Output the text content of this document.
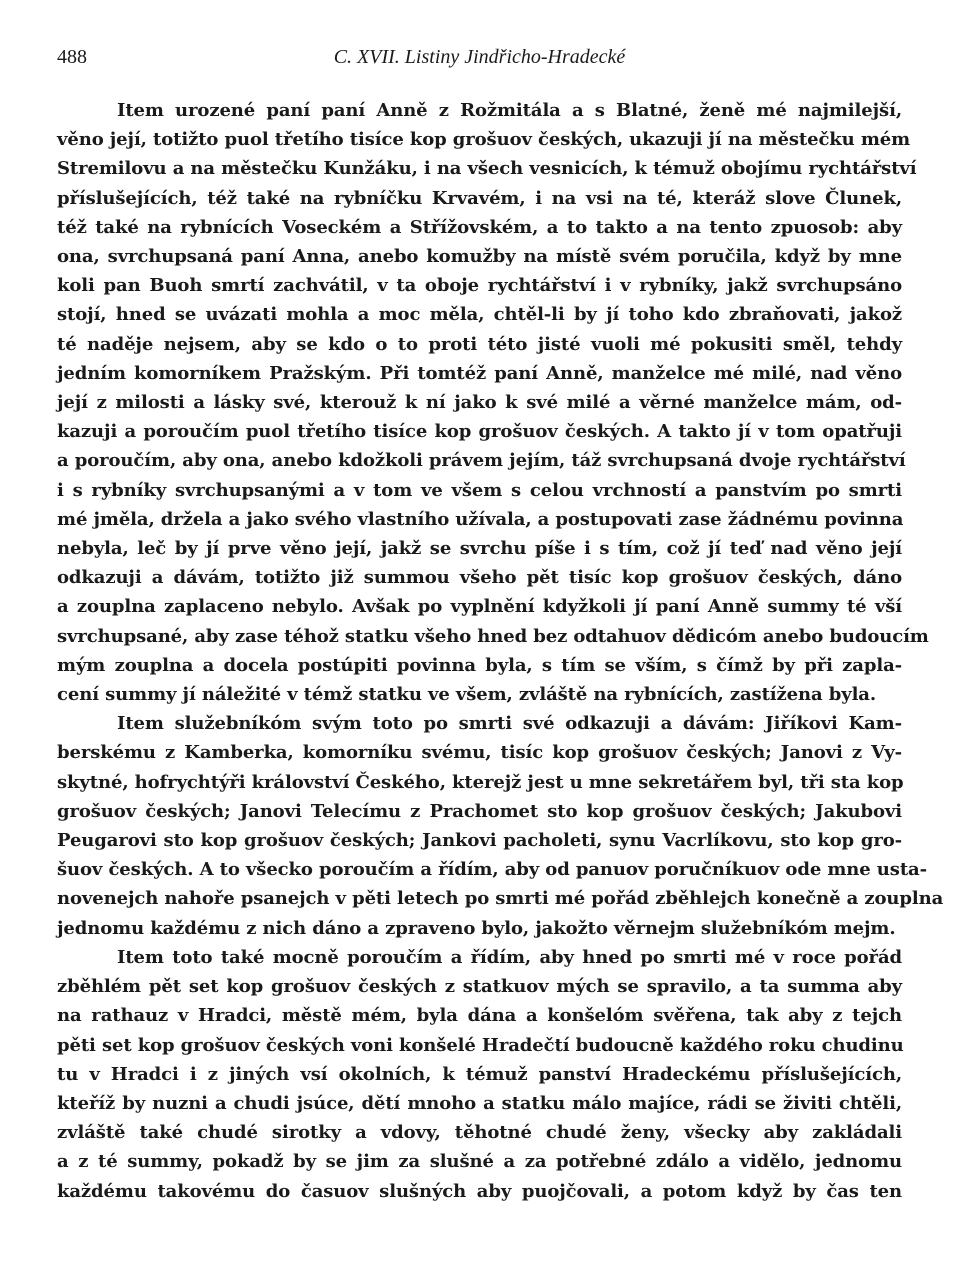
488	C. XVII. Listiny Jindřicho-Hradecké

Item urozené paní paní Anně z Rožmitála a s Blatné, ženě mé najmilejší,
věno její, totižto puol třetího tisíce kop grošuov českých, ukazuji jí na městečku mém
Stremilovu a na městečku Kunžáku, i na všech vesnicích, k témuž obojímu rychtářství
příslušejících, též také na rybníčku Krvavém, i na vsi na té, kteráž slove Člunek,
též také na rybnících Voseckém a Střížovském, a to takto a na tento zpuosob: aby
ona, svrchupsaná paní Anna, anebo komužby na místě svém poručila, když by mne
koli pan Buoh smrtí zachvátil, v ta oboje rychtářství i v rybníky, jakž svrchupsáno
stojí, hned se uvázati mohla a moc měla, chtěl-li by jí toho kdo zbraňovati, jakož
té naděje nejsem, aby se kdo o to proti této jisté vuoli mé pokusiti směl, tehdy
jedním komorníkem Pražským. Při tomtéž paní Anně, manželce mé milé, nad věno
její z milosti a lásky své, kterouž k ní jako k své milé a věrné manželce mám, od-
kazuji a poroučím puol třetího tisíce kop grošuov českých. A takto jí v tom opatřuji
a poroučím, aby ona, anebo kdožkoli právem jejím, táž svrchupsaná dvoje rychtářství
i s rybníky svrchupsanými a v tom ve všem s celou vrchností a panstvím po smrti
mé jměla, držela a jako svého vlastního užívala, a postupovati zase žádnému povinna
nebyla, leč by jí prve věno její, jakž se svrchu píše i s tím, což jí teď nad věno její
odkazuji a dávám, totižto již summou všeho pět tisíc kop grošuov českých, dáno
a zouplna zaplaceno nebylo. Avšak po vyplnění kdyžkoli jí paní Anně summy té vší
svrchupsané, aby zase téhož statku všeho hned bez odtahuov dědicóm anebo budoucím
mým zouplna a docela postúpiti povinna byla, s tím se vším, s čímž by při zapla-
cení summy jí náležité v témž statku ve všem, zvláště na rybnících, zastížena byla.

Item služebníkóm svým toto po smrti své odkazuji a dávám: Jiříkovi Kam-
berskému z Kamberka, komorníku svému, tisíc kop grošuov českých; Janovi z Vy-
skytné, hofrychtýři království Českého, kterejž jest u mne sekretářem byl, tři sta kop
grošuov českých; Janovi Telecímu z Prachomet sto kop grošuov českých; Jakubovi
Peugarovi sto kop grošuov českých; Jankovi pacholeti, synu Vacrlíkovu, sto kop gro-
šuov českých. A to všecko poroučím a řídím, aby od panuov poručníkuov ode mne usta-
novenejch nahoře psanejch v pěti letech po smrti mé pořád zběhlejch konečně a zouplna
jednomu každému z nich dáno a zpraveno bylo, jakožto věrnejm služebníkóm mejm.

Item toto také mocně poroučím a řídím, aby hned po smrti mé v roce pořád
zběhlém pět set kop grošuov českých z statkuov mých se spravilo, a ta summa aby
na rathauz v Hradci, městě mém, byla dána a konšelóm svěřena, tak aby z tejch
pěti set kop grošuov českých voni konšelé Hradečtí budoucně každého roku chudinu
tu v Hradci i z jiných vsí okolních, k témuž panství Hradeckému příslušejících,
kteříž by nuzni a chudi jsúce, dětí mnoho a statku málo majíce, rádi se živiti chtěli,
zvláště také chudé sirotky a vdovy, těhotné chudé ženy, všecky aby zakládali
a z té summy, pokadž by se jim za slušné a za potřebné zdálo a vidělo, jednomu
každému takovému do časuov slušných aby puojčovali, a potom když by čas ten
